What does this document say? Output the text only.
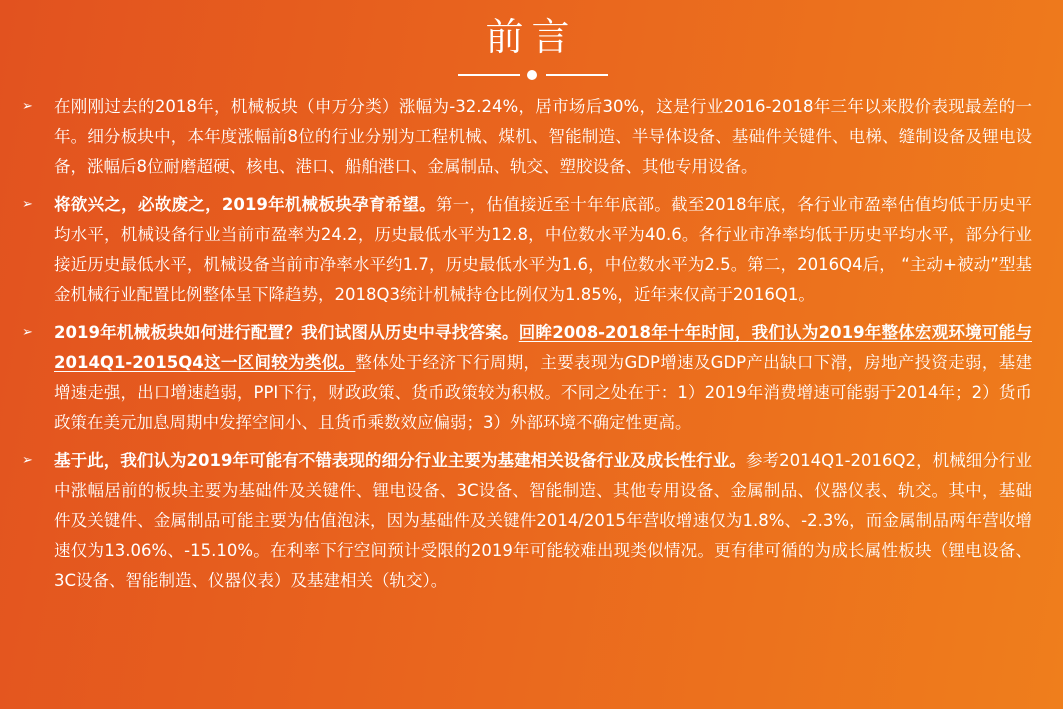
前言
➢	在刚刚过去的2018年，机械板块（申万分类）涨幅为-32.24%，居市场后30%，这是行业2016-2018年三年以来股价表现最差的一年。细分板块中，本年度涨幅前8位的行业分别为工程机械、煤机、智能制造、半导体设备、基础件关键件、电梯、缝制设备及锂电设备，涨幅后8位耐磨超硬、核电、港口、船舶港口、金属制品、轨交、塑胶设备、其他专用设备。
➢	将欲兴之，必故废之，2019年机械板块孕育希望。第一，估值接近至十年年底部。截至2018年底，各行业市盈率估值均低于历史平均水平，机械设备行业当前市盈率为24.2，历史最低水平为12.8，中位数水平为40.6。各行业市净率均低于历史平均水平，部分行业接近历史最低水平，机械设备当前市净率水平约1.7，历史最低水平为1.6，中位数水平为2.5。第二，2016Q4后， “主动+被动”型基金机械行业配置比例整体呈下降趋势，2018Q3统计机械持仓比例仅为1.85%，近年来仅高于2016Q1。
➢	2019年机械板块如何进行配置？我们试图从历史中寻找答案。回眸2008-2018年十年时间，我们认为2019年整体宏观环境可能与2014Q1-2015Q4这一区间较为类似。整体处于经济下行周期，主要表现为GDP增速及GDP产出缺口下滑，房地产投资走弱，基建增速走强，出口增速趋弱，PPI下行，财政政策、货币政策较为积极。不同之处在于：1）2019年消费增速可能弱于2014年；2）货币政策在美元加息周期中发挥空间小、且货币乘数效应偏弱；3）外部环境不确定性更高。
➢	基于此，我们认为2019年可能有不错表现的细分行业主要为基建相关设备行业及成长性行业。参考2014Q1-2016Q2，机械细分行业中涨幅居前的板块主要为基础件及关键件、锂电设备、3C设备、智能制造、其他专用设备、金属制品、仪器仪表、轨交。其中，基础件及关键件、金属制品可能主要为估值泡沫，因为基础件及关键件2014/2015年营收增速仅为1.8%、-2.3%，而金属制品两年营收增速仅为13.06%、-15.10%。在利率下行空间预计受限的2019年可能较难出现类似情况。更有律可循的为成长属性板块（锂电设备、3C设备、智能制造、仪器仪表）及基建相关（轨交）。
